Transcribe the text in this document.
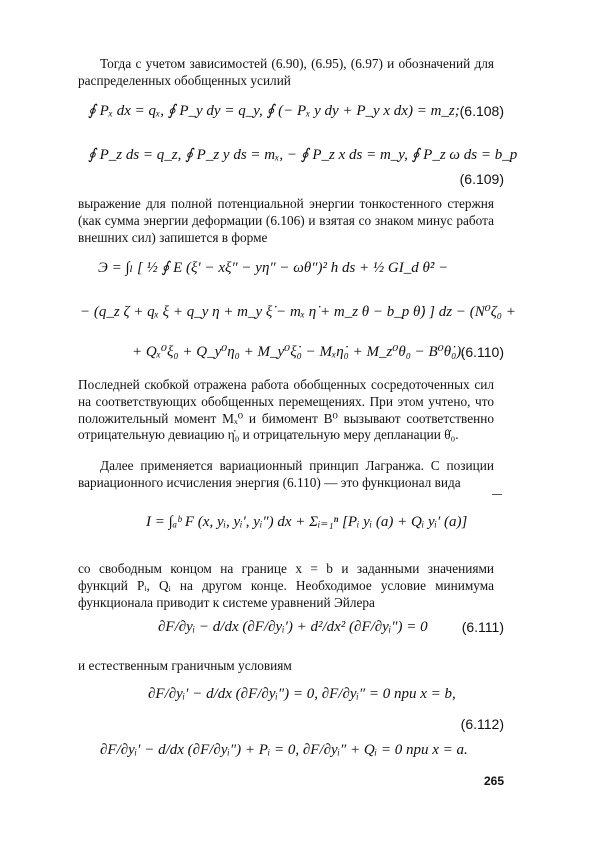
Тогда с учетом зависимостей (6.90), (6.95), (6.97) и обозначений для распределенных обобщенных усилий

∮ Pₓ dx = qₓ, ∮ P_y dy = q_y, ∮ (− Pₓ y dy + P_y x dx) = m_z; (6.108)
∮ P_z ds = q_z, ∮ P_z y ds = mₓ, − ∮ P_z x ds = m_y, ∮ P_z ω ds = b_p
(6.109)

выражение для полной потенциальной энергии тонкостенного стержня (как сумма энергии деформации (6.106) и взятая со знаком минус работа внешних сил) запишется в форме

Э = ∫ₗ [ ½ ∮ E (ξ′ − xξ″ − yη″ − ωθ″)² h ds + ½ GI_d θ̇² −
− (q_z ζ + qₓ ξ + q_y η + m_y ξ̇ − mₓ η̇ + m_z θ − b_p θ̇) ] dz − (N⁰ζ₀ +
+ Qₓ⁰ξ₀ + Q_y⁰η₀ + M_y⁰ξ̇₀ − Mₓη̇₀ + M_z⁰θ₀ − B⁰θ̇₀).
(6.110)

Последней скобкой отражена работа обобщенных сосредоточенных сил на соответствующих обобщенных перемещениях. При этом учтено, что положительный момент Mₓ⁰ и бимомент B⁰ вызывают соответственно отрицательную девиацию η̇₀ и отрицательную меру депланации θ̇₀.

Далее применяется вариационный принцип Лагранжа. С позиции вариационного исчисления энергия (6.110) — это функционал вида

I = ∫ₐᵇ F (x, yᵢ, yᵢ′, yᵢ″) dx + Σᵢ₌₁ⁿ [Pᵢ yᵢ (a) + Qᵢ yᵢ′ (a)]

со свободным концом на границе x = b и заданными значениями функций Pᵢ, Qᵢ на другом конце. Необходимое условие минимума функционала приводит к системе уравнений Эйлера

∂F/∂yᵢ − d/dx (∂F/∂yᵢ′) + d²/dx² (∂F/∂yᵢ″) = 0 (6.111)

и естественным граничным условиям

∂F/∂yᵢ′ − d/dx (∂F/∂yᵢ″) = 0, ∂F/∂yᵢ″ = 0 при x = b,
(6.112)
∂F/∂yᵢ′ − d/dx (∂F/∂yᵢ″) + Pᵢ = 0, ∂F/∂yᵢ″ + Qᵢ = 0 при x = a.
265
